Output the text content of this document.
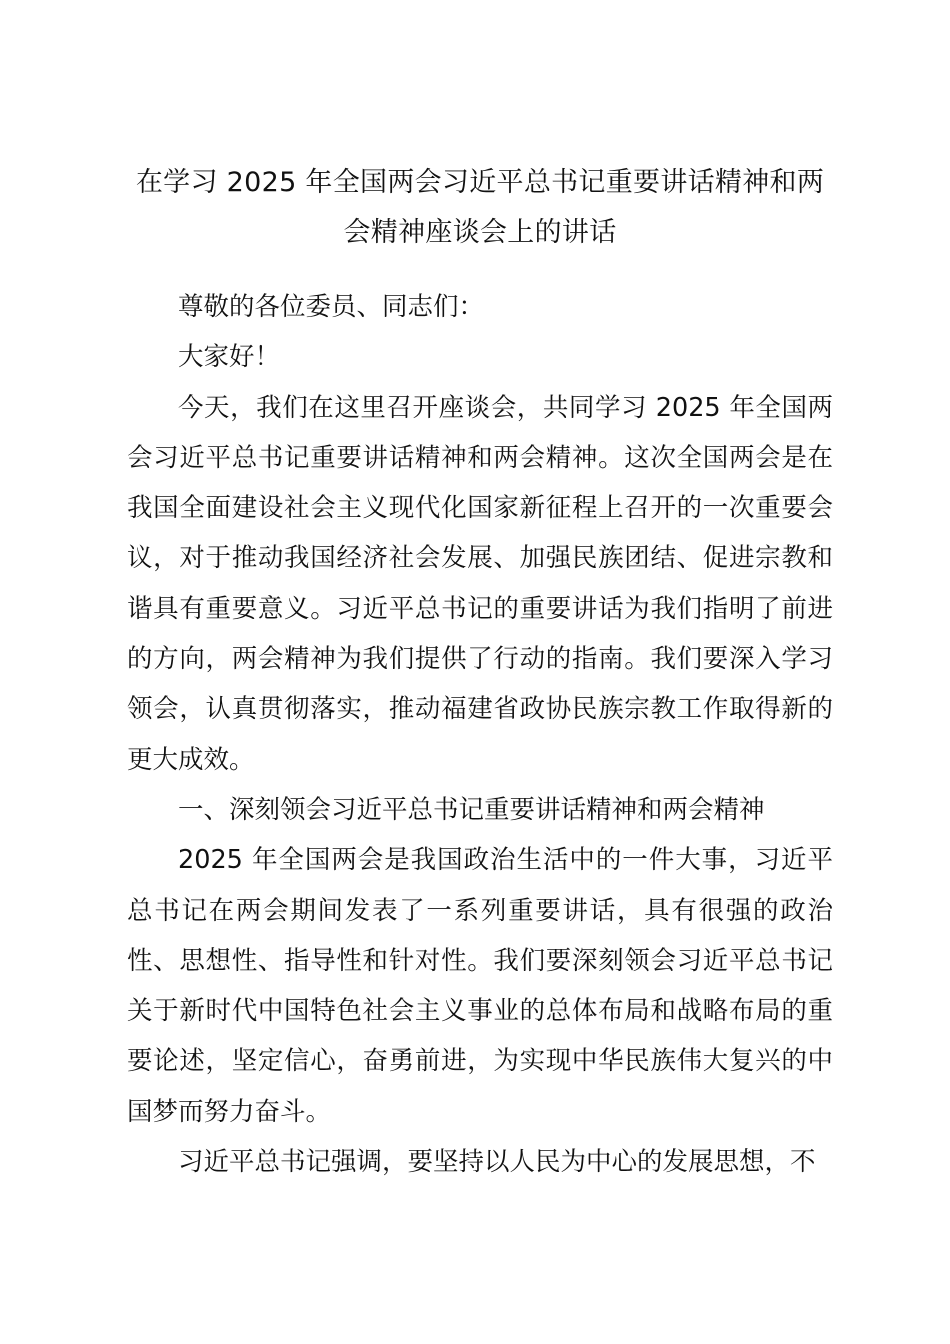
在学习 2025 年全国两会习近平总书记重要讲话精神和两
会精神座谈会上的讲话

尊敬的各位委员、同志们：

大家好！

今天，我们在这里召开座谈会，共同学习 2025 年全国两会习近平总书记重要讲话精神和两会精神。这次全国两会是在我国全面建设社会主义现代化国家新征程上召开的一次重要会议，对于推动我国经济社会发展、加强民族团结、促进宗教和谐具有重要意义。习近平总书记的重要讲话为我们指明了前进的方向，两会精神为我们提供了行动的指南。我们要深入学习领会，认真贯彻落实，推动福建省政协民族宗教工作取得新的更大成效。

一、深刻领会习近平总书记重要讲话精神和两会精神

2025 年全国两会是我国政治生活中的一件大事，习近平总书记在两会期间发表了一系列重要讲话，具有很强的政治性、思想性、指导性和针对性。我们要深刻领会习近平总书记关于新时代中国特色社会主义事业的总体布局和战略布局的重要论述，坚定信心，奋勇前进，为实现中华民族伟大复兴的中国梦而努力奋斗。

习近平总书记强调，要坚持以人民为中心的发展思想，不
